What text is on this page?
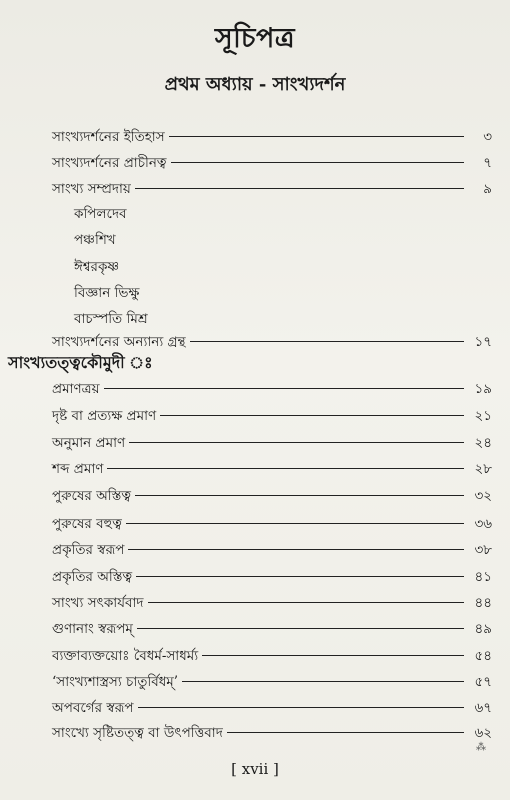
সূচিপত্র
প্রথম অধ্যায় - সাংখ্যদর্শন
সাংখ্যদর্শনের ইতিহাস	৩
সাংখ্যদর্শনের প্রাচীনত্ব	৭
সাংখ্য সম্প্রদায়	৯
কপিলদেব
পঞ্চশিখ
ঈশ্বরকৃষ্ণ
বিজ্ঞান ভিক্ষু
বাচস্পতি মিশ্র
সাংখ্যদর্শনের অন্যান্য গ্রন্থ	১৭
সাংখ্যতত্ত্বকৌমুদী ঃ
প্রমাণত্রয়	১৯
দৃষ্ট বা প্রত্যক্ষ প্রমাণ	২১
অনুমান প্রমাণ	২৪
শব্দ প্রমাণ	২৮
পুরুষের অস্তিত্ব	৩২
পুরুষের বহুত্ব	৩৬
প্রকৃতির স্বরূপ	৩৮
প্রকৃতির অস্তিত্ব	৪১
সাংখ্য সৎকার্যবাদ	৪৪
গুণানাং স্বরূপম্‌	৪৯
ব্যক্তাব্যক্তয়োঃ বৈধর্ম-সাধর্ম্য	৫৪
‘সাংখ্যশাস্ত্রস্য চাতুর্বিধম্‌’	৫৭
অপবর্গের স্বরূপ	৬৭
সাংখ্যে সৃষ্টিতত্ত্ব বা উৎপত্তিবাদ	৬২
⁂
[ xvii ]
